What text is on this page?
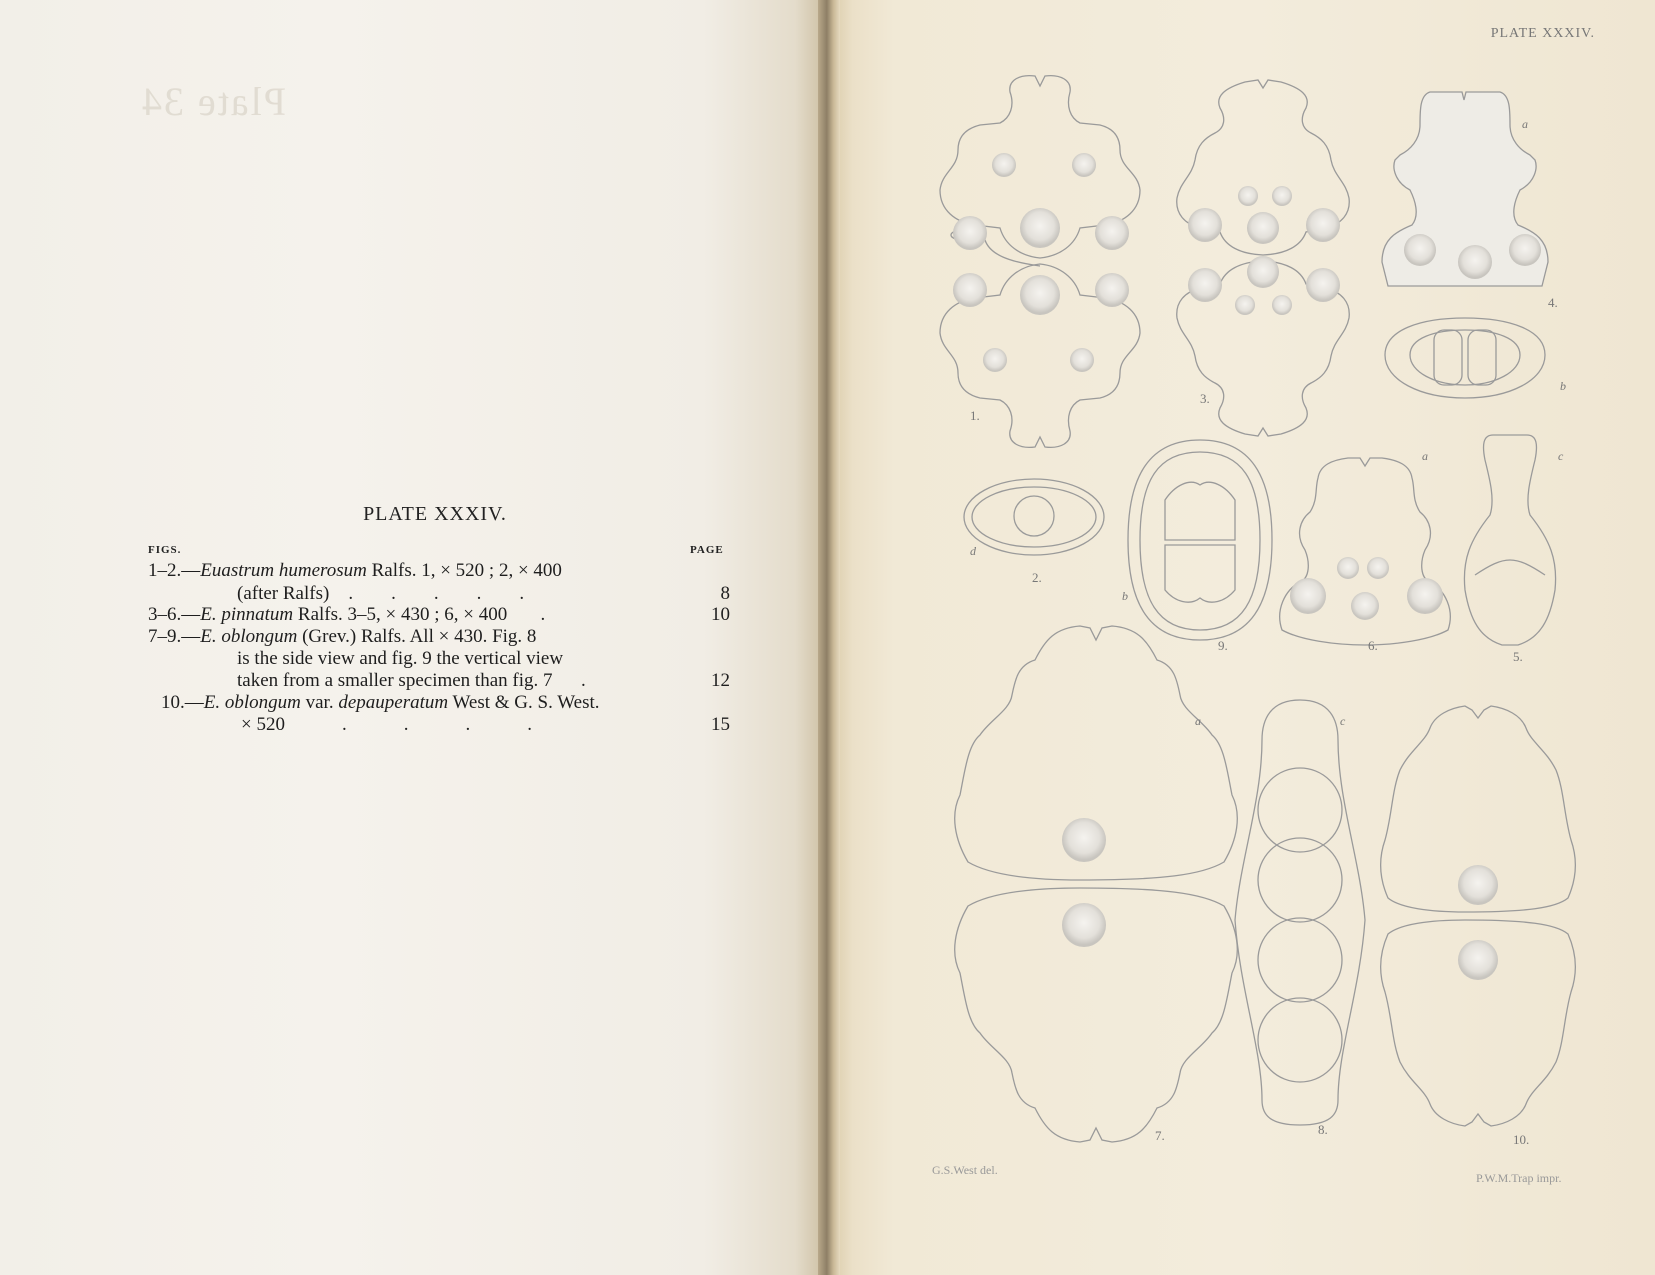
Plate 34
PLATE XXXIV.
FIGS.	PAGE
1–2.—Euastrum humerosum Ralfs. 1, × 520 ; 2, × 400
(after Ralfs) .        .        .        .        .	8
3–6.—E. pinnatum Ralfs. 3–5, × 430 ; 6, × 400 .	10
7–9.—E. oblongum (Grev.) Ralfs. All × 430. Fig. 8
is the side view and fig. 9 the vertical view
taken from a smaller specimen than fig. 7 .	12
10.—E. oblongum var. depauperatum West & G. S. West.
× 520 .            .            .            .	15
PLATE XXXIV.
1.
2.
3.
4.
5.
6.
7.	8.
9.
10.
a
a
a
b
b
c
c
d
G.S.West del.
P.W.M.Trap impr.
